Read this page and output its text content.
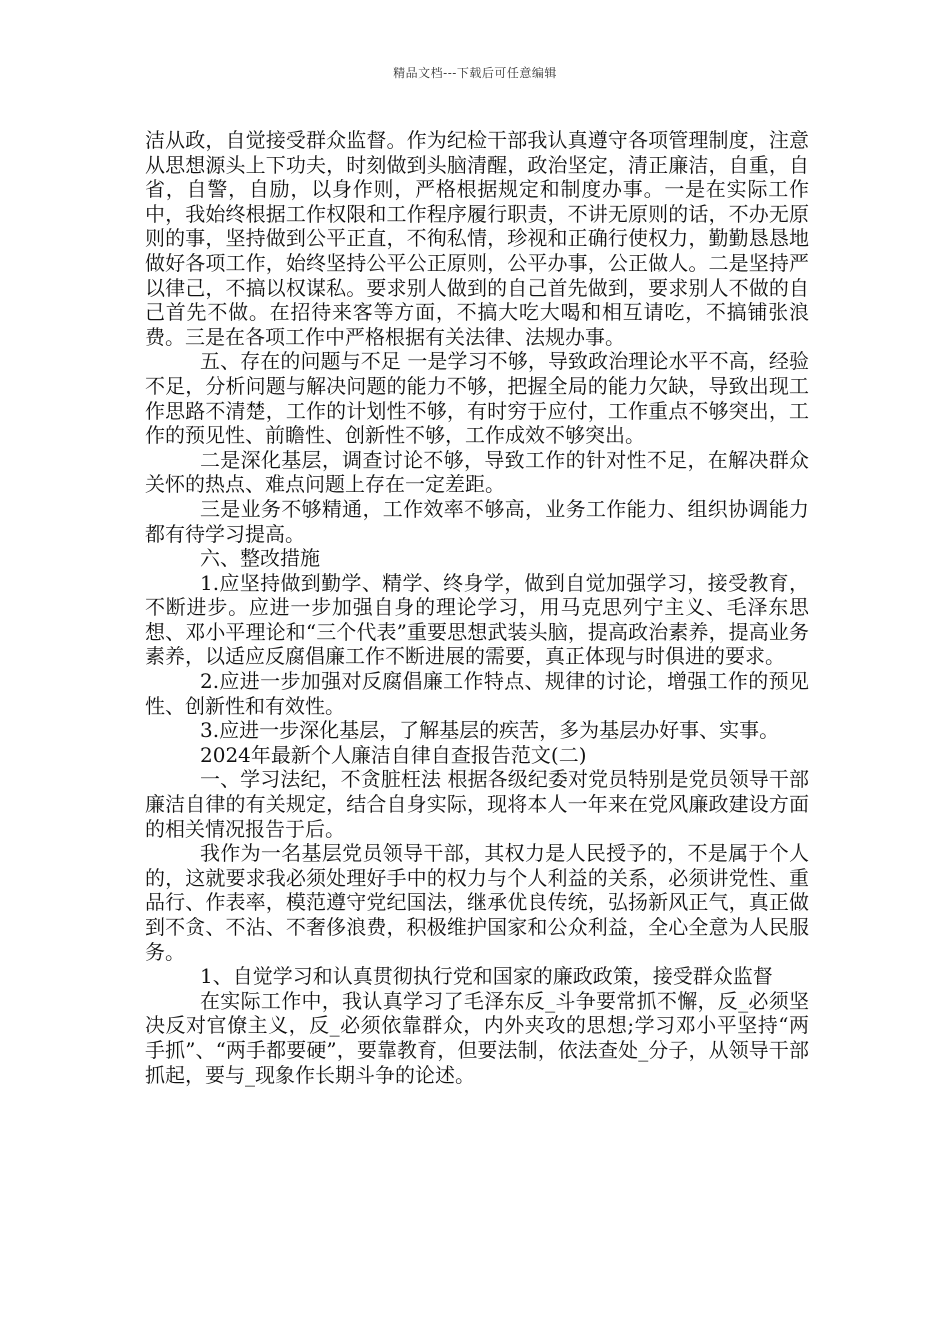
精品文档---下载后可任意编辑

洁从政，自觉接受群众监督。作为纪检干部我认真遵守各项管理制度，注意从思想源头上下功夫，时刻做到头脑清醒，政治坚定，清正廉洁，自重，自省，自警，自励，以身作则，严格根据规定和制度办事。一是在实际工作中，我始终根据工作权限和工作程序履行职责，不讲无原则的话，不办无原则的事，坚持做到公平正直，不徇私情，珍视和正确行使权力，勤勤恳恳地做好各项工作，始终坚持公平公正原则，公平办事，公正做人。二是坚持严以律己，不搞以权谋私。要求别人做到的自己首先做到，要求别人不做的自己首先不做。在招待来客等方面，不搞大吃大喝和相互请吃，不搞铺张浪费。三是在各项工作中严格根据有关法律、法规办事。

五、存在的问题与不足 一是学习不够，导致政治理论水平不高，经验不足，分析问题与解决问题的能力不够，把握全局的能力欠缺，导致出现工作思路不清楚，工作的计划性不够，有时穷于应付，工作重点不够突出，工作的预见性、前瞻性、创新性不够，工作成效不够突出。

二是深化基层，调查讨论不够，导致工作的针对性不足，在解决群众关怀的热点、难点问题上存在一定差距。

三是业务不够精通，工作效率不够高，业务工作能力、组织协调能力都有待学习提高。

六、整改措施

1.应坚持做到勤学、精学、终身学，做到自觉加强学习，接受教育，不断进步。应进一步加强自身的理论学习，用马克思列宁主义、毛泽东思想、邓小平理论和“三个代表”重要思想武装头脑，提高政治素养，提高业务素养，以适应反腐倡廉工作不断进展的需要，真正体现与时俱进的要求。

2.应进一步加强对反腐倡廉工作特点、规律的讨论，增强工作的预见性、创新性和有效性。

3.应进一步深化基层，了解基层的疾苦，多为基层办好事、实事。

2024年最新个人廉洁自律自查报告范文(二)

一、学习法纪，不贪脏枉法 根据各级纪委对党员特别是党员领导干部廉洁自律的有关规定，结合自身实际，现将本人一年来在党风廉政建设方面的相关情况报告于后。

我作为一名基层党员领导干部，其权力是人民授予的，不是属于个人的，这就要求我必须处理好手中的权力与个人利益的关系，必须讲党性、重品行、作表率，模范遵守党纪国法，继承优良传统，弘扬新风正气，真正做到不贪、不沾、不奢侈浪费，积极维护国家和公众利益，全心全意为人民服务。

1、自觉学习和认真贯彻执行党和国家的廉政政策，接受群众监督

在实际工作中，我认真学习了毛泽东反_斗争要常抓不懈，反_必须坚决反对官僚主义，反_必须依靠群众，内外夹攻的思想;学习邓小平坚持“两手抓”、“两手都要硬”，要靠教育，但要法制，依法查处_分子，从领导干部抓起，要与_现象作长期斗争的论述。
